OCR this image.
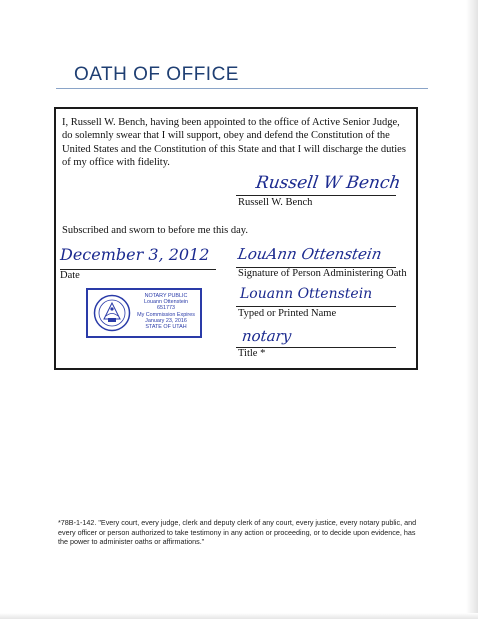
OATH OF OFFICE
I, Russell W. Bench, having been appointed to the office of Active Senior Judge, do solemnly swear that I will support, obey and defend the Constitution of the United States and the Constitution of this State and that I will discharge the duties of my office with fidelity.
Russell W Bench
Russell W. Bench
Subscribed and sworn to before me this day.
December 3, 2012
Date
LouAnn Ottenstein
Signature of Person Administering Oath
Louann Ottenstein
Typed or Printed Name
notary
Title *
NOTARY PUBLIC
Louann Ottenstein
651773
My Commission Expires
January 23, 2016
STATE OF UTAH
*78B-1-142. "Every court, every judge, clerk and deputy clerk of any court, every justice, every notary public, and every officer or person authorized to take testimony in any action or proceeding, or to decide upon evidence, has the power to administer oaths or affirmations."
